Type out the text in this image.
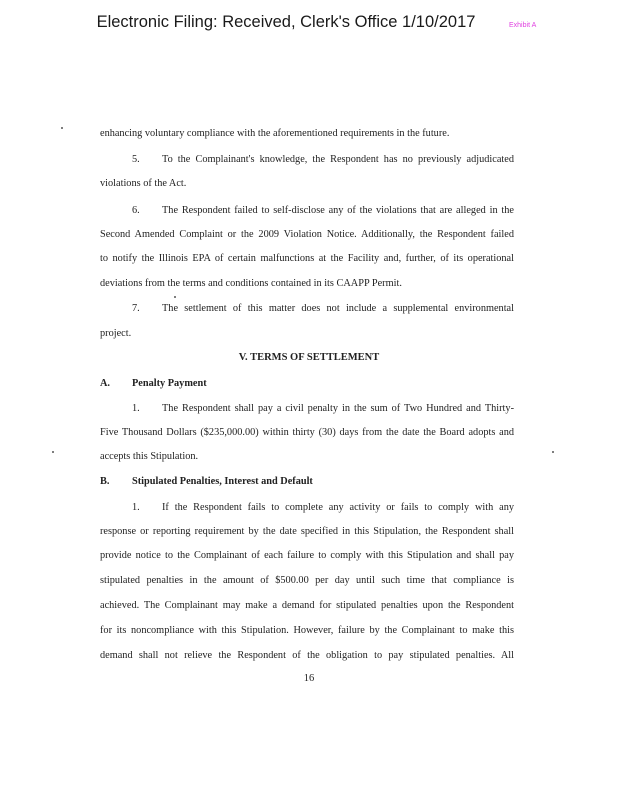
Electronic Filing: Received, Clerk's Office 1/10/2017	Exhibit A
enhancing voluntary compliance with the aforementioned requirements in the future.
5. To the Complainant's knowledge, the Respondent has no previously adjudicated
violations of the Act.
6. The Respondent failed to self-disclose any of the violations that are alleged in the
Second Amended Complaint or the 2009 Violation Notice. Additionally, the Respondent failed
to notify the Illinois EPA of certain malfunctions at the Facility and, further, of its operational
deviations from the terms and conditions contained in its CAAPP Permit.
7. The settlement of this matter does not include a supplemental environmental
project.
V. TERMS OF SETTLEMENT
A. Penalty Payment
1. The Respondent shall pay a civil penalty in the sum of Two Hundred and Thirty-
Five Thousand Dollars ($235,000.00) within thirty (30) days from the date the Board adopts and
accepts this Stipulation.
B. Stipulated Penalties, Interest and Default
1. If the Respondent fails to complete any activity or fails to comply with any
response or reporting requirement by the date specified in this Stipulation, the Respondent shall
provide notice to the Complainant of each failure to comply with this Stipulation and shall pay
stipulated penalties in the amount of $500.00 per day until such time that compliance is
achieved. The Complainant may make a demand for stipulated penalties upon the Respondent
for its noncompliance with this Stipulation. However, failure by the Complainant to make this
demand shall not relieve the Respondent of the obligation to pay stipulated penalties. All
16
